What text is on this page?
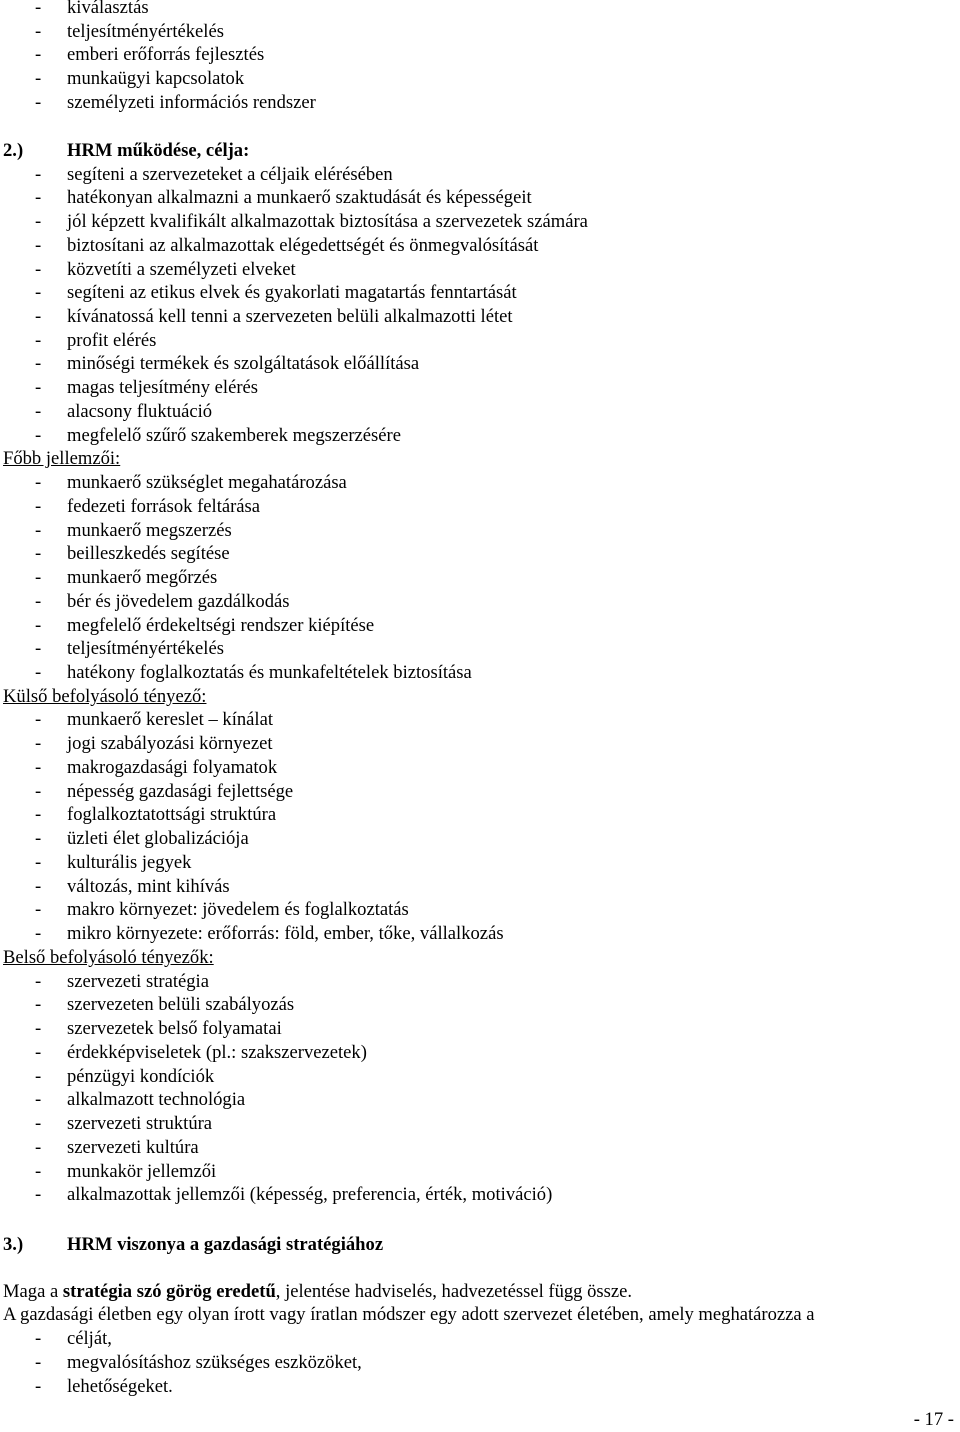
- kiválasztás
- teljesítményértékelés
- emberi erőforrás fejlesztés
- munkaügyi kapcsolatok
- személyzeti információs rendszer
2.) HRM működése, célja:
- segíteni a szervezeteket a céljaik elérésében
- hatékonyan alkalmazni a munkaerő szaktudását és képességeit
- jól képzett kvalifikált alkalmazottak biztosítása a szervezetek számára
- biztosítani az alkalmazottak elégedettségét és önmegvalósítását
- közvetíti a személyzeti elveket
- segíteni az etikus elvek és gyakorlati magatartás fenntartását
- kívánatossá kell tenni a szervezeten belüli alkalmazotti létet
- profit elérés
- minőségi termékek és szolgáltatások előállítása
- magas teljesítmény elérés
- alacsony fluktuáció
- megfelelő szűrő szakemberek megszerzésére
Főbb jellemzői:
- munkaerő szükséglet megahatározása
- fedezeti források feltárása
- munkaerő megszerzés
- beilleszkedés segítése
- munkaerő megőrzés
- bér és jövedelem gazdálkodás
- megfelelő érdekeltségi rendszer kiépítése
- teljesítményértékelés
- hatékony foglalkoztatás és munkafeltételek biztosítása
Külső befolyásoló tényező:
- munkaerő kereslet – kínálat
- jogi szabályozási környezet
- makrogazdasági folyamatok
- népesség gazdasági fejlettsége
- foglalkoztatottsági struktúra
- üzleti élet globalizációja
- kulturális jegyek
- változás, mint kihívás
- makro környezet: jövedelem és foglalkoztatás
- mikro környezete: erőforrás: föld, ember, tőke, vállalkozás
Belső befolyásoló tényezők:
- szervezeti stratégia
- szervezeten belüli szabályozás
- szervezetek belső folyamatai
- érdekképviseletek (pl.: szakszervezetek)
- pénzügyi kondíciók
- alkalmazott technológia
- szervezeti struktúra
- szervezeti kultúra
- munkakör jellemzői
- alkalmazottak jellemzői (képesség, preferencia, érték, motiváció)
3.) HRM viszonya a gazdasági stratégiához
Maga a stratégia szó görög eredetű, jelentése hadviselés, hadvezetéssel függ össze.
A gazdasági életben egy olyan írott vagy íratlan módszer egy adott szervezet életében, amely meghatározza a
- célját,
- megvalósításhoz szükséges eszközöket,
- lehetőségeket.
- 17 -
